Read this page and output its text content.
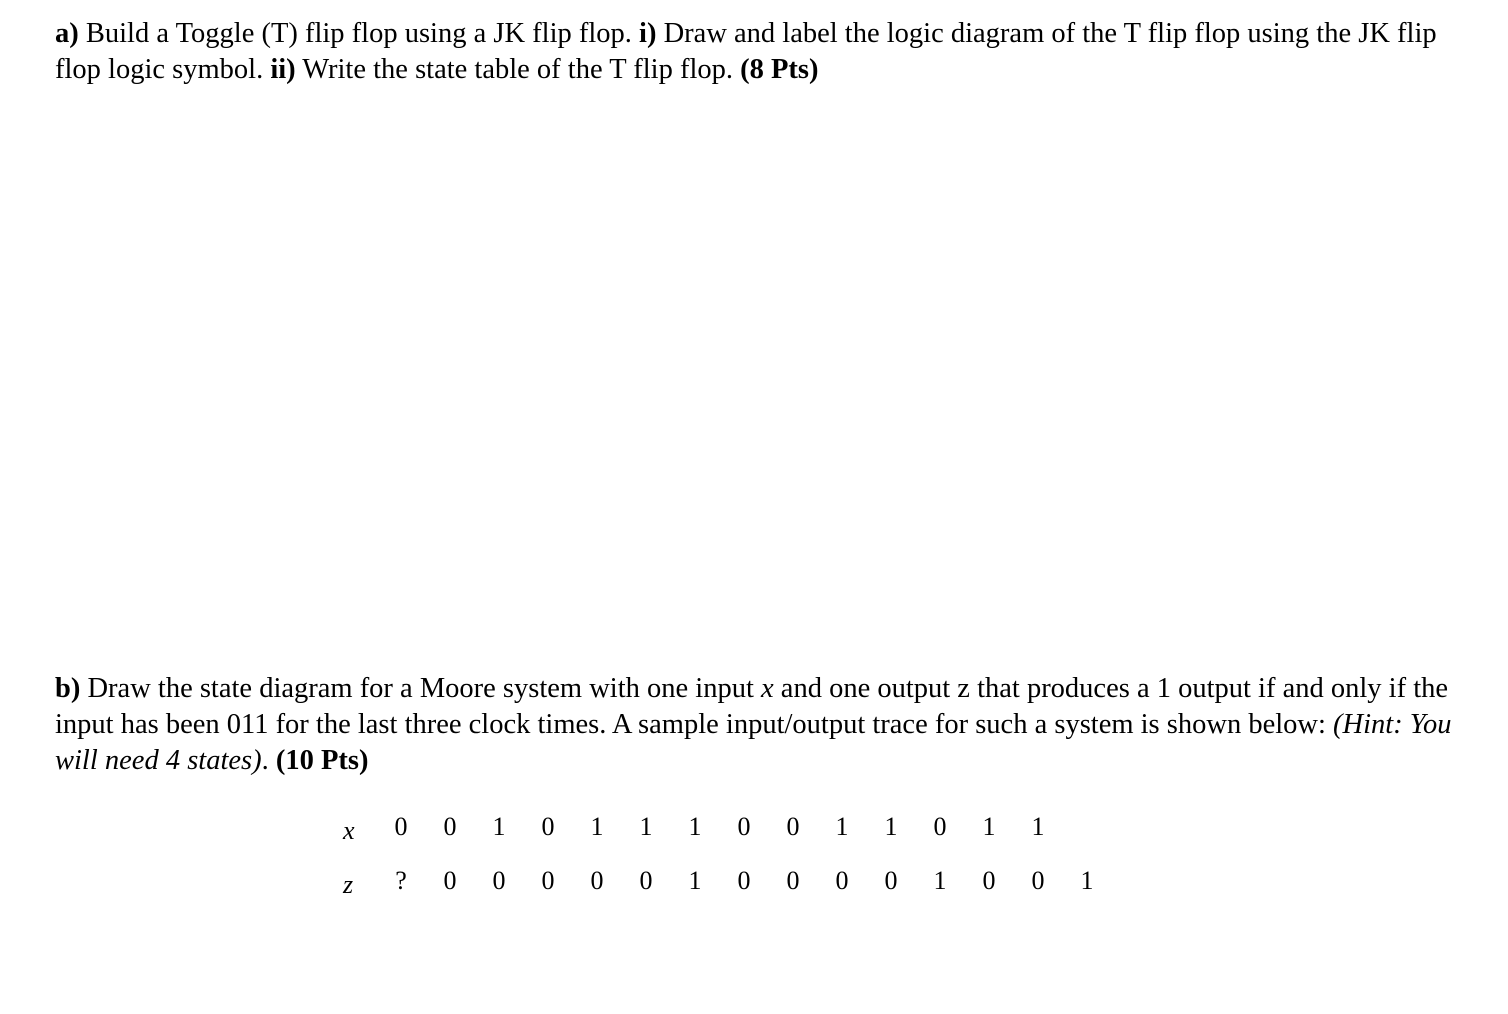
a) Build a Toggle (T) flip flop using a JK flip flop. i) Draw and label the logic diagram of the T flip flop using the JK flip flop logic symbol. ii) Write the state table of the T flip flop. (8 Pts)
b) Draw the state diagram for a Moore system with one input x and one output z that produces a 1 output if and only if the input has been 011 for the last three clock times. A sample input/output trace for such a system is shown below: (Hint: You will need 4 states). (10 Pts)
x
z
0 0 1 0 1 1 1 0 0 1 1 0 1 1
? 0 0 0 0 0 1 0 0 0 0 1 0 0 1
